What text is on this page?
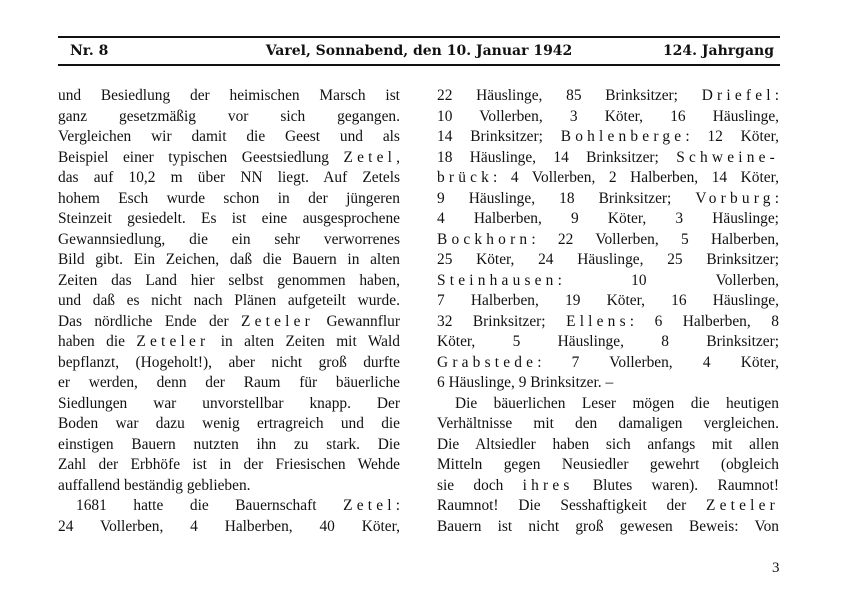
Nr. 8	Varel, Sonnabend, den 10. Januar 1942	124. Jahrgang
und Besiedlung der heimischen Marsch ist
ganz gesetzmäßig vor sich gegangen.
Vergleichen wir damit die Geest und als
Beispiel einer typischen Geestsiedlung Zetel,
das auf 10,2 m über NN liegt. Auf Zetels
hohem Esch wurde schon in der jüngeren
Steinzeit gesiedelt. Es ist eine ausgesprochene
Gewannsiedlung, die ein sehr verworrenes
Bild gibt. Ein Zeichen, daß die Bauern in alten
Zeiten das Land hier selbst genommen haben,
und daß es nicht nach Plänen aufgeteilt wurde.
Das nördliche Ende der Zeteler Gewannflur
haben die Zeteler in alten Zeiten mit Wald
bepflanzt, (Hogeholt!), aber nicht groß durfte
er werden, denn der Raum für bäuerliche
Siedlungen war unvorstellbar knapp. Der
Boden war dazu wenig ertragreich und die
einstigen Bauern nutzten ihn zu stark. Die
Zahl der Erbhöfe ist in der Friesischen Wehde
auffallend beständig geblieben.
1681 hatte die Bauernschaft Zetel:
24 Vollerben, 4 Halberben, 40 Köter,
22 Häuslinge, 85 Brinksitzer; Driefel:
10 Vollerben, 3 Köter, 16 Häuslinge,
14 Brinksitzer; Bohlenberge: 12 Köter,
18 Häuslinge, 14 Brinksitzer; Schweine-
brück: 4 Vollerben, 2 Halberben, 14 Köter,
9 Häuslinge, 18 Brinksitzer; Vorburg:
4 Halberben, 9 Köter, 3 Häuslinge;
Bockhorn: 22 Vollerben, 5 Halberben,
25 Köter, 24 Häuslinge, 25 Brinksitzer;
Steinhausen:	10	Vollerben,
7 Halberben, 19 Köter, 16 Häuslinge,
32 Brinksitzer; Ellens: 6 Halberben, 8
Köter, 5 Häuslinge, 8 Brinksitzer;
Grabstede: 7 Vollerben, 4 Köter,
6 Häuslinge, 9 Brinksitzer. –
Die bäuerlichen Leser mögen die heutigen
Verhältnisse mit den damaligen vergleichen.
Die Altsiedler haben sich anfangs mit allen
Mitteln gegen Neusiedler gewehrt (obgleich
sie doch ihres Blutes waren). Raumnot!
Raumnot! Die Sesshaftigkeit der Zeteler
Bauern ist nicht groß gewesen Beweis: Von
3
